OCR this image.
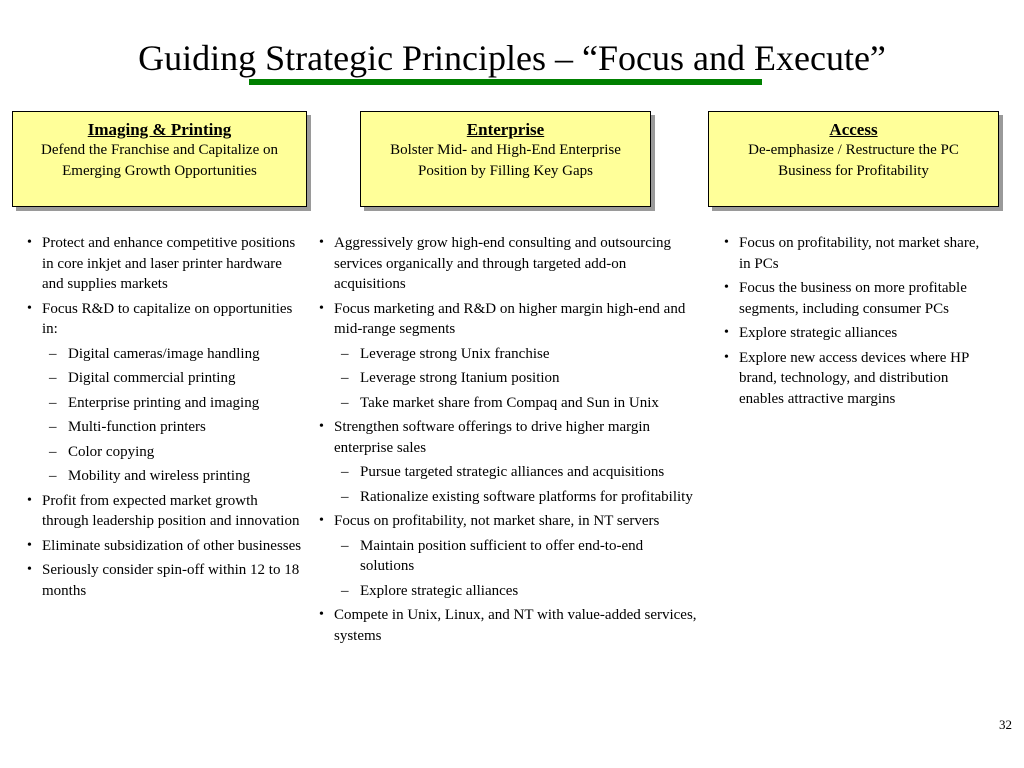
Guiding Strategic Principles – “Focus and Execute”
Imaging & Printing
Defend the Franchise and Capitalize on
Emerging Growth Opportunities
Enterprise
Bolster Mid- and High-End Enterprise
Position by Filling Key Gaps
Access
De-emphasize / Restructure the PC
Business for Profitability
• Protect and enhance competitive positions in core inkjet and laser printer hardware and supplies markets
• Focus R&D to capitalize on opportunities in:
– Digital cameras/image handling
– Digital commercial printing
– Enterprise printing and imaging
– Multi-function printers
– Color copying
– Mobility and wireless printing
• Profit from expected market growth through leadership position and innovation
• Eliminate subsidization of other businesses
• Seriously consider spin-off within 12 to 18 months
• Aggressively grow high-end consulting and outsourcing services organically and through targeted add-on acquisitions
• Focus marketing and R&D on higher margin high-end and mid-range segments
– Leverage strong Unix franchise
– Leverage strong Itanium position
– Take market share from Compaq and Sun in Unix
• Strengthen software offerings to drive higher margin enterprise sales
– Pursue targeted strategic alliances and acquisitions
– Rationalize existing software platforms for profitability
• Focus on profitability, not market share, in NT servers
– Maintain position sufficient to offer end-to-end solutions
– Explore strategic alliances
• Compete in Unix, Linux, and NT with value-added services, systems
• Focus on profitability, not market share, in PCs
• Focus the business on more profitable segments, including consumer PCs
• Explore strategic alliances
• Explore new access devices where HP brand, technology, and distribution enables attractive margins
32
